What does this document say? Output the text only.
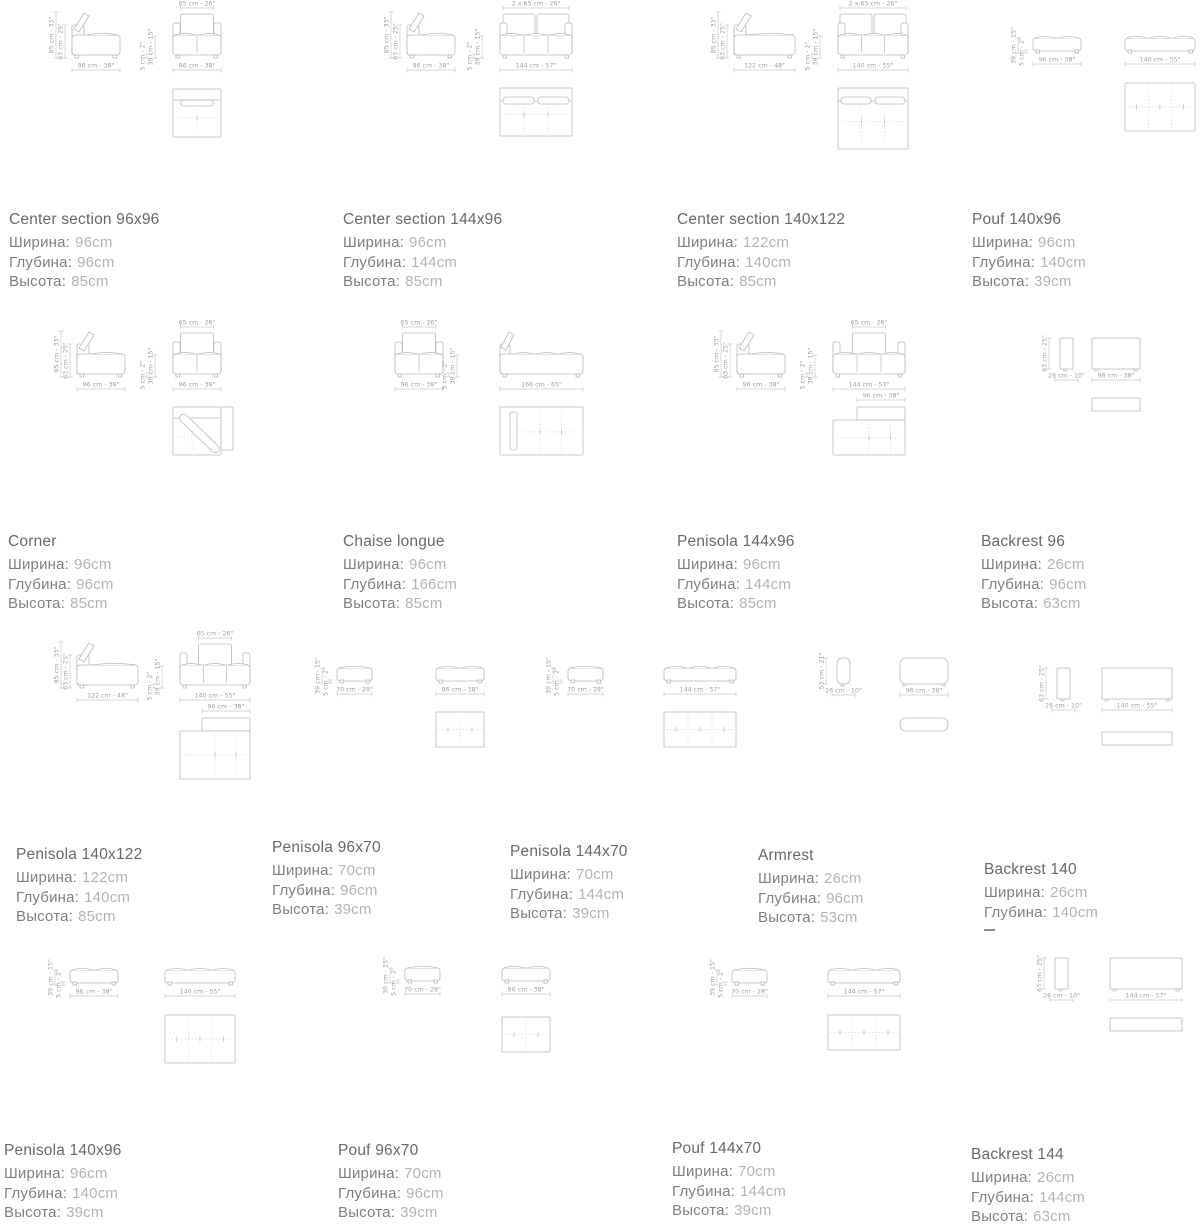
85 cm - 33" 63 cm - 25"
96 cm - 38"
65 cm - 26"
96 cm - 38"
5 cm - 2" 39 cm - 15"
Center section 96x96

Ширина: 96cm

Глубина: 96cm

Высота: 85cm

85 cm - 33" 63 cm - 25"
96 cm - 38"
2 x 65 cm - 26"
144 cm - 57"
5 cm - 2" 39 cm - 15"
Center section 144x96

Ширина: 96cm

Глубина: 144cm

Высота: 85cm

85 cm - 33" 63 cm - 25"
122 cm - 48"
2 x 65 cm - 26"
140 cm - 55"
5 cm - 2" 39 cm - 15"
Center section 140x122

Ширина: 122cm

Глубина: 140cm

Высота: 85cm

39 cm - 15" 5 cm - 2" 96 cm - 38"	140 cm - 55"
Pouf 140x96

Ширина: 96cm

Глубина: 140cm

Высота: 39cm

85 cm - 33" 63 cm - 25"
96 cm - 38"
65 cm - 26"
96 cm - 38"
5 cm - 2" 39 cm - 15"
Corner

Ширина: 96cm

Глубина: 96cm

Высота: 85cm

65 cm - 26"
96 cm - 38" 5 cm - 2" 39 cm - 15"
166 cm - 65"
Chaise longue

Ширина: 96cm

Глубина: 166cm

Высота: 85cm

85 cm - 33" 63 cm - 25"
96 cm - 38"
65 cm - 26"
144 cm - 57"
5 cm - 2" 39 cm - 15"
96 cm - 38"
Penisola 144x96

Ширина: 96cm

Глубина: 144cm

Высота: 85cm

63 cm - 25"
26 cm - 10" 96 cm - 38"
Backrest 96

Ширина: 26cm

Глубина: 96cm

Высота: 63cm

85 cm - 33" 63 cm - 25"
122 cm - 48"
65 cm - 26"
140 cm - 55"
5 cm - 2" 39 cm - 15"
96 cm - 38"
Penisola 140x122

Ширина: 122cm

Глубина: 140cm

Высота: 85cm

39 cm - 15" 5 cm - 2" 70 cm - 28"	96 cm - 38"
Penisola 96x70

Ширина: 70cm

Глубина: 96cm

Высота: 39cm

39 cm - 15" 5 cm - 2" 70 cm - 28"	144 cm - 57"
Penisola 144x70

Ширина: 70cm

Глубина: 144cm

Высота: 39cm

53 cm - 21"
26 cm - 10"	96 cm - 38"
Armrest

Ширина: 26cm

Глубина: 96cm

Высота: 53cm

63 cm - 25"
26 cm - 10"	140 cm - 55"
Backrest 140

Ширина: 26cm

Глубина: 140cm

39 cm - 15" 5 cm - 2" 96 cm - 38"	140 cm - 55"
Penisola 140x96

Ширина: 96cm

Глубина: 140cm

Высота: 39cm

39 cm - 15" 5 cm - 2" 70 cm - 28"	96 cm - 38"
Pouf 96x70

Ширина: 70cm

Глубина: 96cm

Высота: 39cm

39 cm - 15" 5 cm - 2" 70 cm - 28"	144 cm - 57"
Pouf 144x70

Ширина: 70cm

Глубина: 144cm

Высота: 39cm

63 cm - 25"
26 cm - 10"	144 cm - 57"
Backrest 144

Ширина: 26cm

Глубина: 144cm

Высота: 63cm
